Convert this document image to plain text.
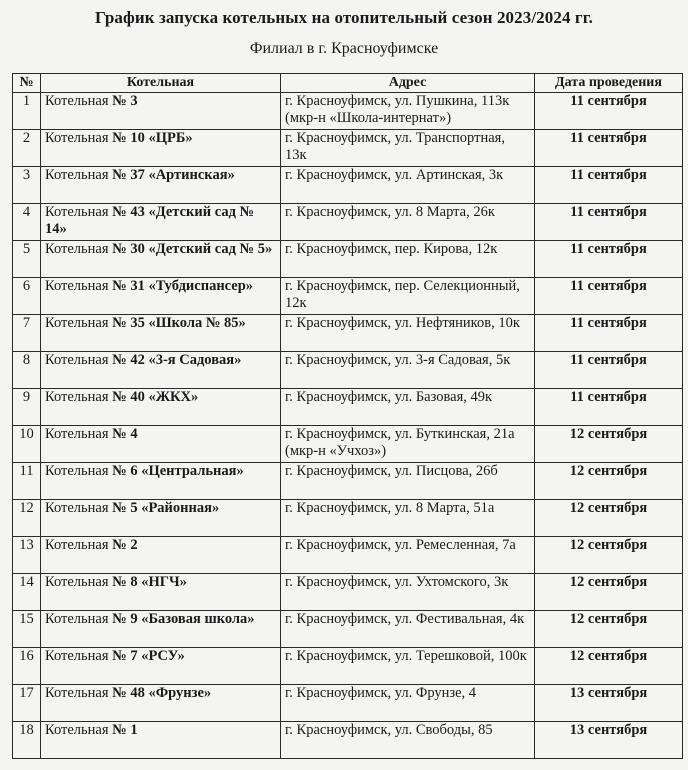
График запуска котельных на отопительный сезон 2023/2024 гг.
Филиал в г. Красноуфимске
№	Котельная	Адрес	Дата проведения
1	Котельная № 3	г. Красноуфимск, ул. Пушкина, 113к (мкр-н «Школа-интернат»)	11 сентября
2	Котельная № 10 «ЦРБ»	г. Красноуфимск, ул. Транспортная, 13к	11 сентября
3	Котельная № 37 «Артинская»	г. Красноуфимск, ул. Артинская, 3к	11 сентября
4	Котельная № 43 «Детский сад № 14»	г. Красноуфимск, ул. 8 Марта, 26к	11 сентября
5	Котельная № 30 «Детский сад № 5»	г. Красноуфимск, пер. Кирова, 12к	11 сентября
6	Котельная № 31 «Тубдиспансер»	г. Красноуфимск, пер. Селекционный, 12к	11 сентября
7	Котельная № 35 «Школа № 85»	г. Красноуфимск, ул. Нефтяников, 10к	11 сентября
8	Котельная № 42 «3-я Садовая»	г. Красноуфимск, ул. 3-я Садовая, 5к	11 сентября
9	Котельная № 40 «ЖКХ»	г. Красноуфимск, ул. Базовая, 49к	11 сентября
10	Котельная № 4	г. Красноуфимск, ул. Буткинская, 21а (мкр-н «Учхоз»)	12 сентября
11	Котельная № 6 «Центральная»	г. Красноуфимск, ул. Писцова, 26б	12 сентября
12	Котельная № 5 «Районная»	г. Красноуфимск, ул. 8 Марта, 51а	12 сентября
13	Котельная № 2	г. Красноуфимск, ул. Ремесленная, 7а	12 сентября
14	Котельная № 8 «НГЧ»	г. Красноуфимск, ул. Ухтомского, 3к	12 сентября
15	Котельная № 9 «Базовая школа»	г. Красноуфимск, ул. Фестивальная, 4к	12 сентября
16	Котельная № 7 «РСУ»	г. Красноуфимск, ул. Терешковой, 100к	12 сентября
17	Котельная № 48 «Фрунзе»	г. Красноуфимск, ул. Фрунзе, 4	13 сентября
18	Котельная № 1	г. Красноуфимск, ул. Свободы, 85	13 сентября
